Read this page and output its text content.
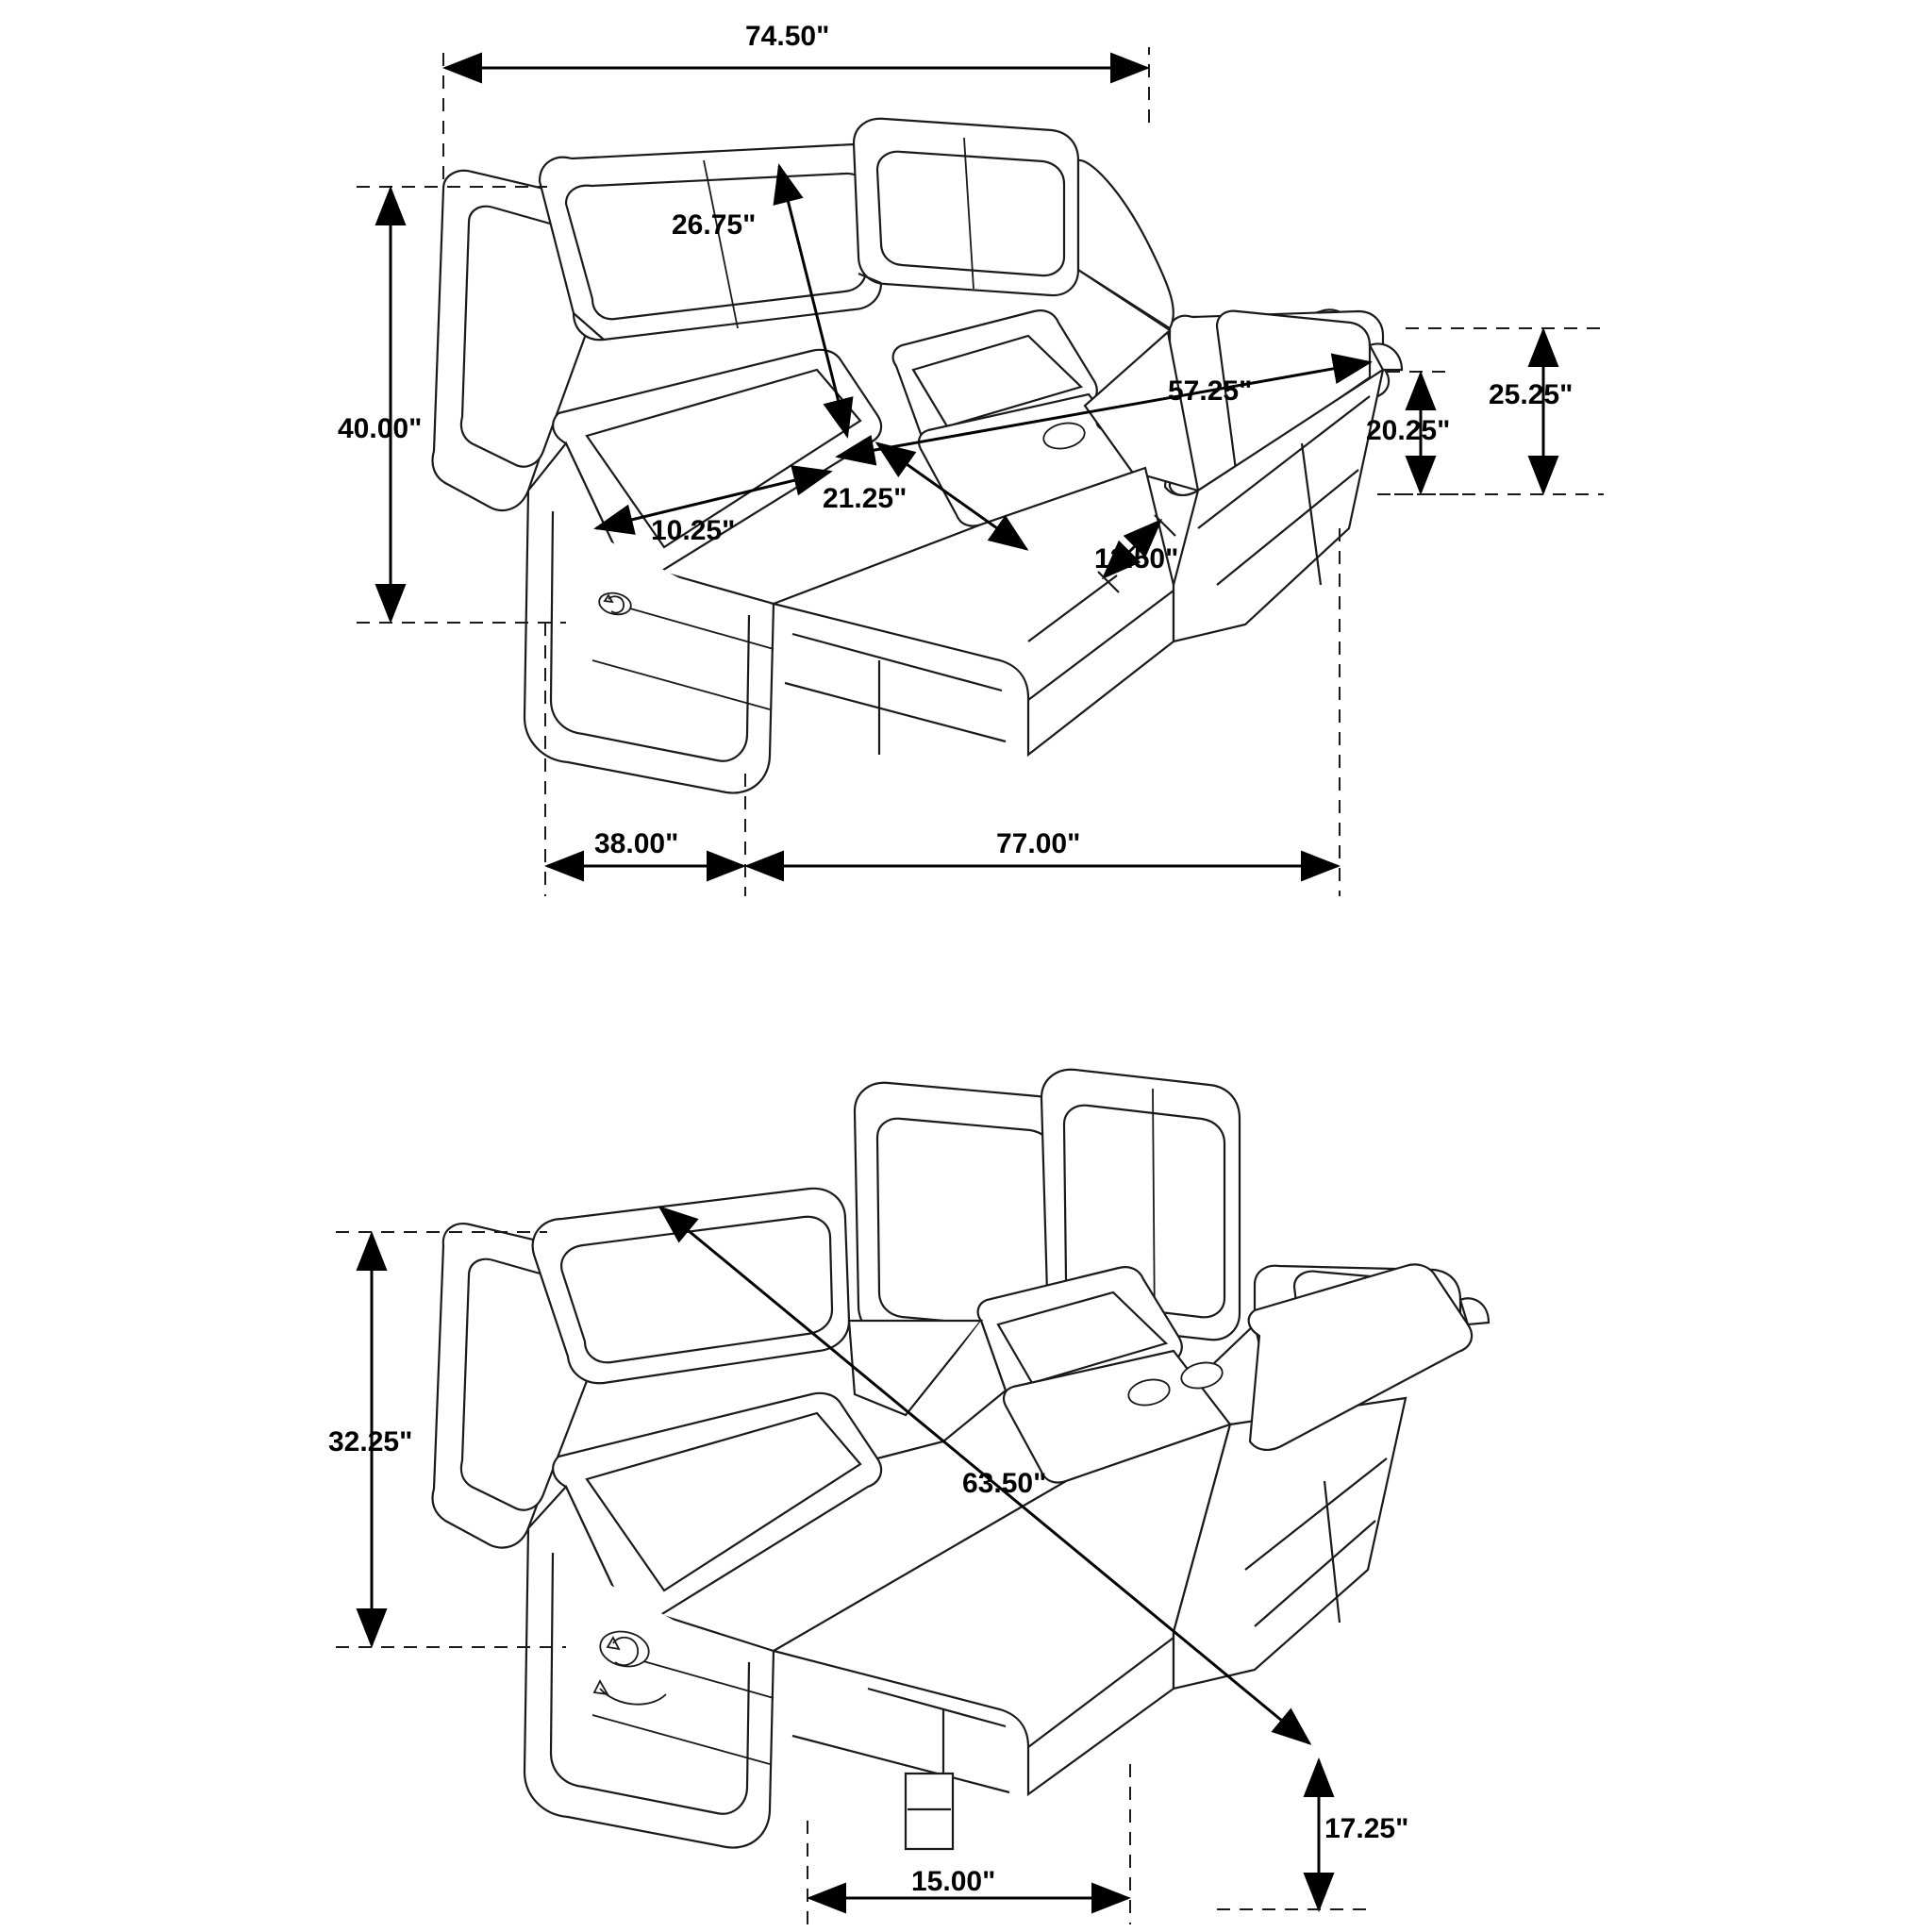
74.50"
26.75"
40.00"
10.25"
21.25"
57.25"
20.25"
25.25"
12.50"
38.00"	77.00"
32.25"
63.50"
17.25"
15.00"
